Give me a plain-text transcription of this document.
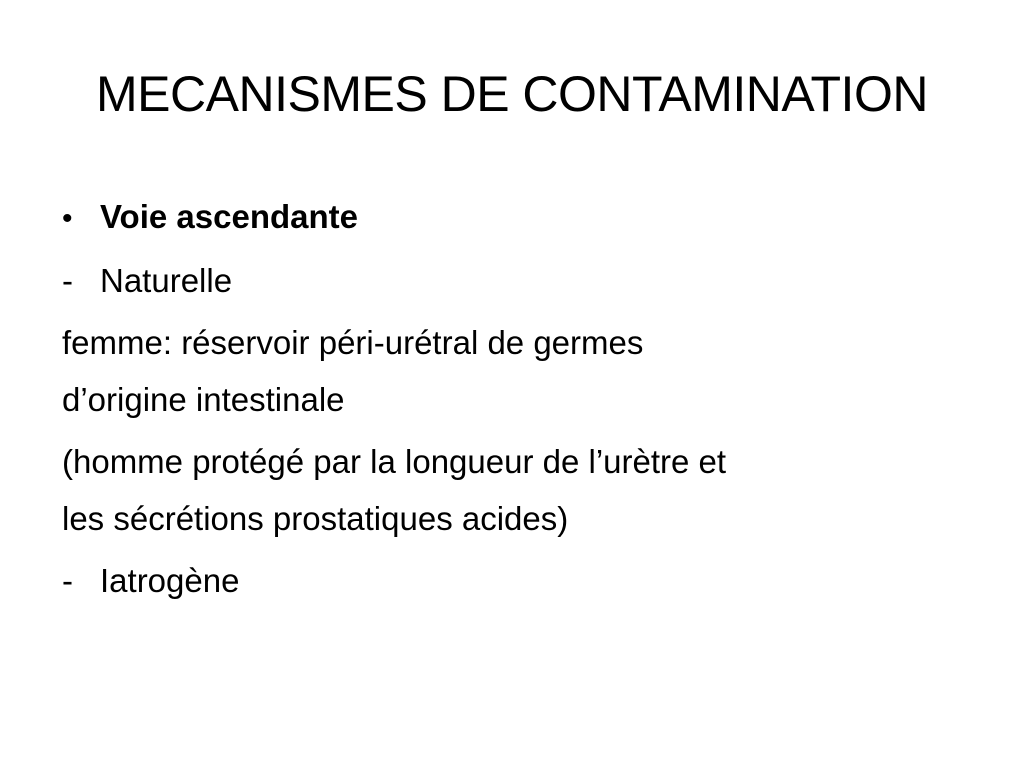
MECANISMES DE CONTAMINATION
• Voie ascendante
- Naturelle
femme: réservoir péri-urétral de germes
d’origine intestinale
(homme protégé par la longueur de l’urètre et
les sécrétions prostatiques acides)
- Iatrogène
